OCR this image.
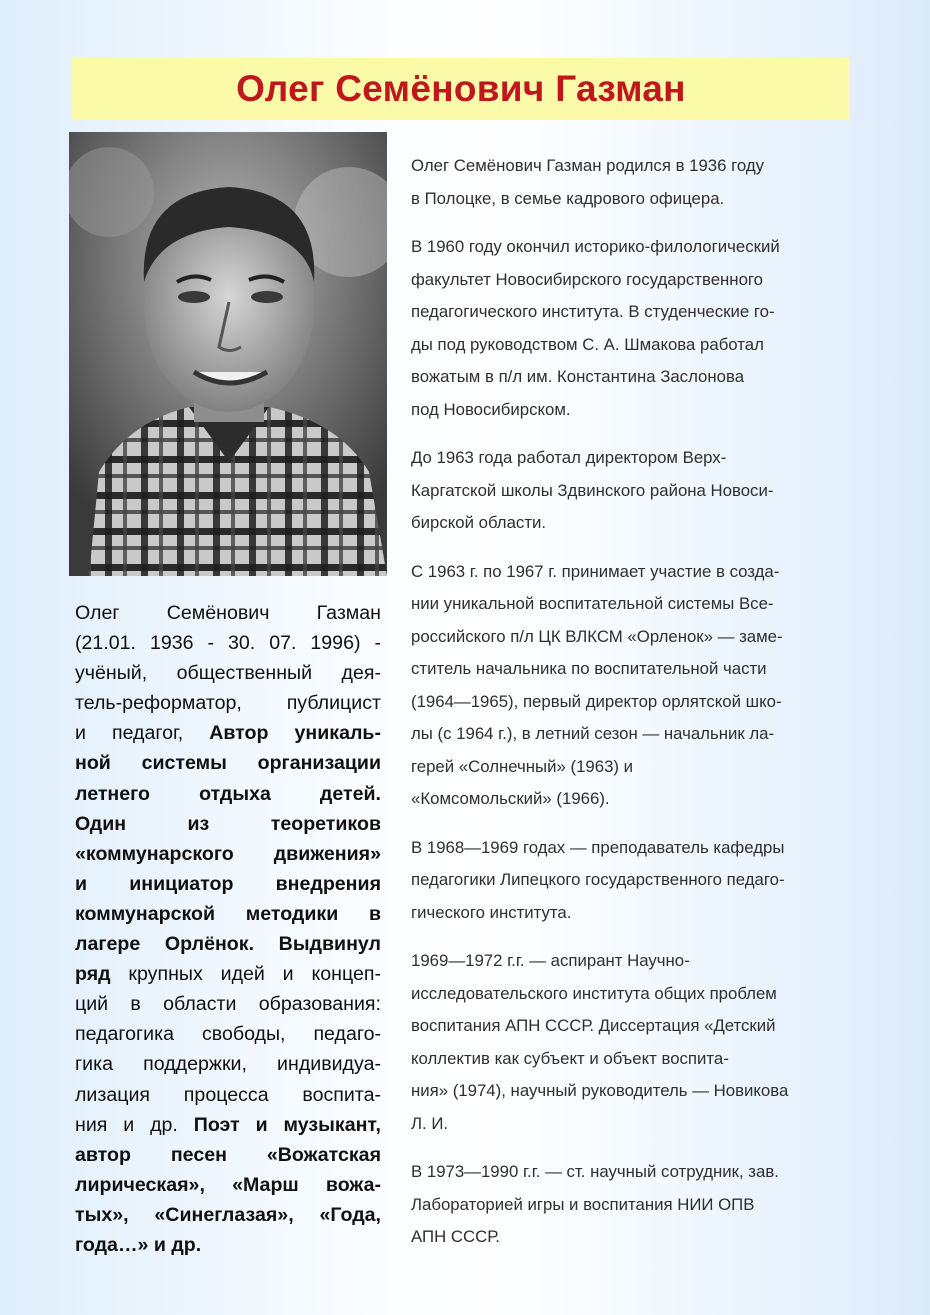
Олег Семёнович Газман
Олег Семёнович Газман
(21.01. 1936 - 30. 07. 1996) -
учёный, общественный дея-
тель-реформатор, публицист
и педагог, Автор уникаль-
ной системы организации
летнего отдыха детей.
Один из теоретиков
«коммунарского движения»
и инициатор внедрения
коммунарской методики в
лагере Орлёнок. Выдвинул
ряд крупных идей и концеп-
ций в области образования:
педагогика свободы, педаго-
гика поддержки, индивидуа-
лизация процесса воспита-
ния и др. Поэт и музыкант,
автор песен «Вожатская
лирическая», «Марш вожа-
тых», «Синеглазая», «Года,
года…» и др.

Олег Семёнович Газман родился в 1936 году
в Полоцке, в семье кадрового офицера.

В 1960 году окончил историко-филологический
факультет Новосибирского государственного
педагогического института. В студенческие го-
ды под руководством С. А. Шмакова работал
вожатым в п/л им. Константина Заслонова
под Новосибирском.

До 1963 года работал директором Верх-
Каргатской школы Здвинского района Новоси-
бирской области.

С 1963 г. по 1967 г. принимает участие в созда-
нии уникальной воспитательной системы Все-
российского п/л ЦК ВЛКСМ «Орленок» — заме-
ститель начальника по воспитательной части
(1964—1965), первый директор орлятской шко-
лы (с 1964 г.), в летний сезон — начальник ла-
герей «Солнечный» (1963) и
«Комсомольский» (1966).

В 1968—1969 годах — преподаватель кафедры
педагогики Липецкого государственного педаго-
гического института.

1969—1972 г.г. — аспирант Научно-
исследовательского института общих проблем
воспитания АПН СССР. Диссертация «Детский
коллектив как субъект и объект воспита-
ния» (1974), научный руководитель — Новикова
Л. И.

В 1973—1990 г.г. — ст. научный сотрудник, зав.
Лабораторией игры и воспитания НИИ ОПВ
АПН СССР.
